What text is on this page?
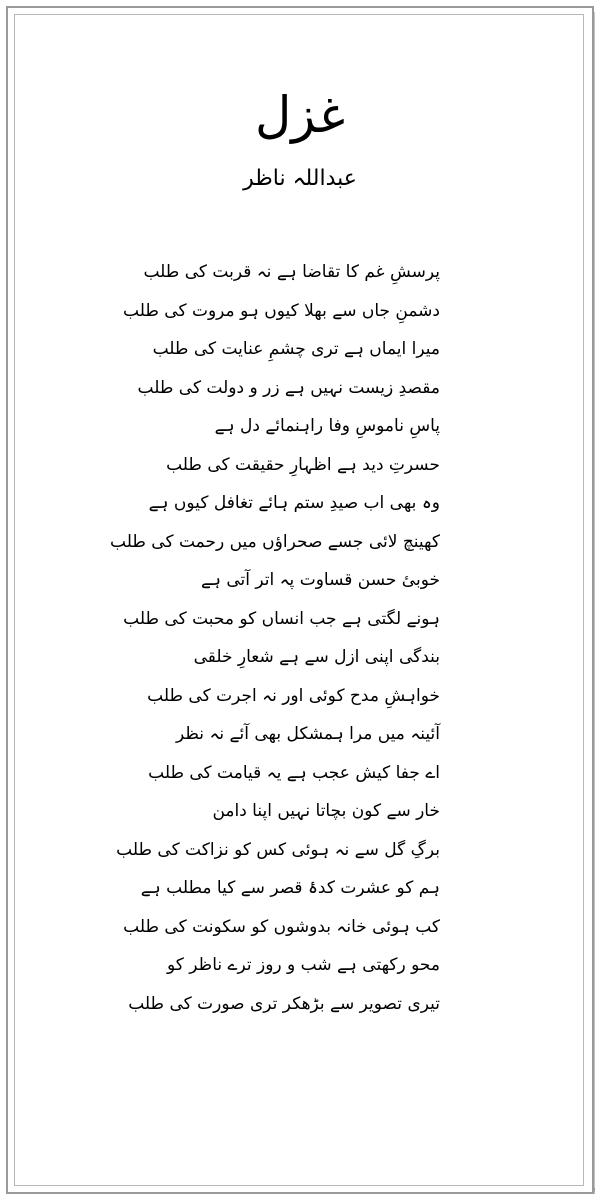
غزل
عبداللہ ناظر
پرسشِ غم کا تقاضا ہے نہ قربت کی طلب
دشمنِ جاں سے بھلا کیوں ہو مروت کی طلب
میرا ایماں ہے تری چشمِ عنایت کی طلب
مقصدِ زیست نہیں ہے زر و دولت کی طلب
پاسِ ناموسِ وفا راہنمائے دل ہے
حسرتِ دید ہے اظہارِ حقیقت کی طلب
وہ بھی اب صیدِ ستم ہائے تغافل کیوں ہے
کھینچ لائی جسے صحراؤں میں رحمت کی طلب
خوبیٔ حسن قساوت پہ اتر آتی ہے
ہونے لگتی ہے جب انساں کو محبت کی طلب
بندگی اپنی ازل سے ہے شعارِ خلقی
خواہشِ مدح کوئی اور نہ اجرت کی طلب
آئینہ میں مرا ہمشکل بھی آئے نہ نظر
اے جفا کیش عجب ہے یہ قیامت کی طلب
خار سے کون بچاتا نہیں اپنا دامن
برگِ گل سے نہ ہوئی کس کو نزاکت کی طلب
ہم کو عشرت کدۂ قصر سے کیا مطلب ہے
کب ہوئی خانہ بدوشوں کو سکونت کی طلب
محو رکھتی ہے شب و روز ترے ناظر کو
تیری تصویر سے بڑھکر تری صورت کی طلب
